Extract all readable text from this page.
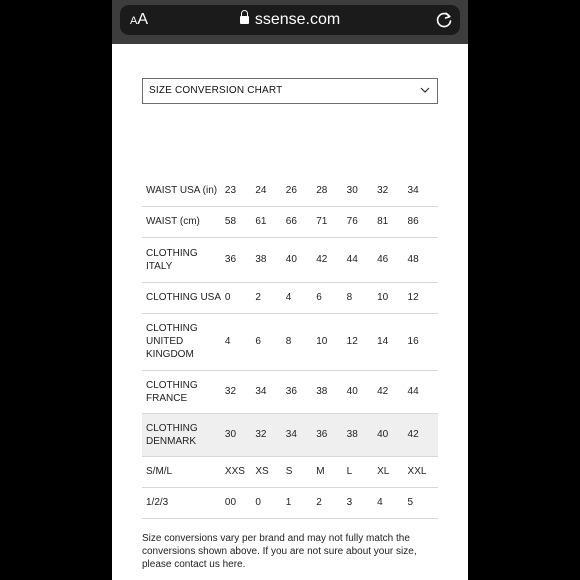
AA	ssense.com
SIZE CONVERSION CHART
WAIST USA (in)	23	24	26	28	30	32	34
WAIST (cm)	58	61	66	71	76	81	86
CLOTHING ITALY	36	38	40	42	44	46	48
CLOTHING USA	0	2	4	6	8	10	12
CLOTHING UNITED KINGDOM	4	6	8	10	12	14	16
CLOTHING FRANCE	32	34	36	38	40	42	44
CLOTHING DENMARK	30	32	34	36	38	40	42
S/M/L	XXS	XS	S	M	L	XL	XXL
1/2/3	00	0	1	2	3	4	5
Size conversions vary per brand and may not fully match the conversions shown above. If you are not sure about your size, please contact us here.
